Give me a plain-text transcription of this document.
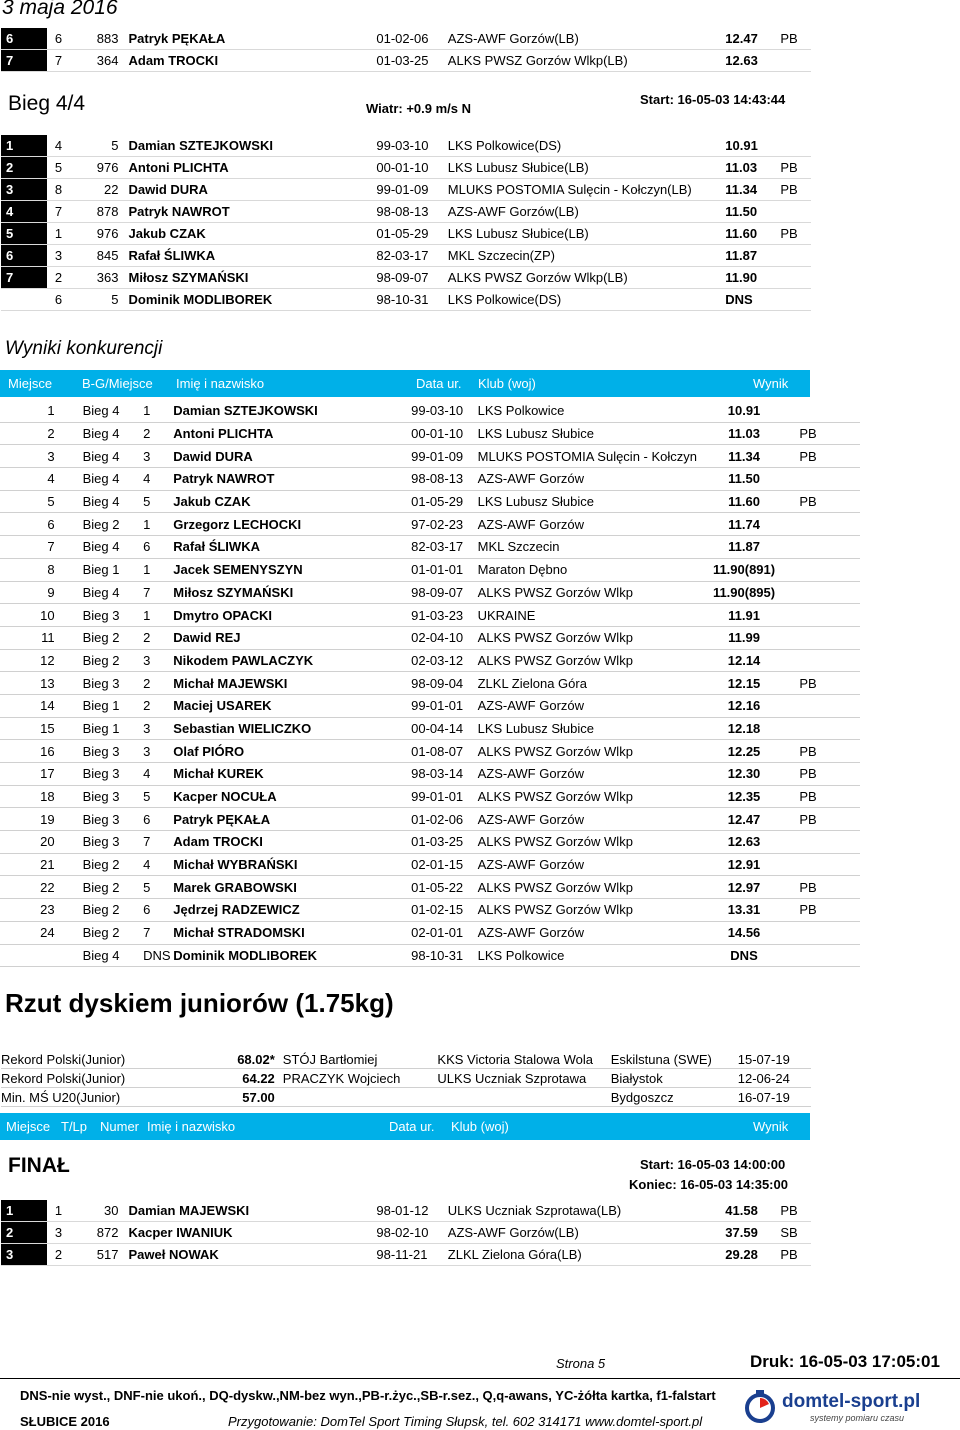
3 maja 2016
6	6	883	Patryk PĘKAŁA	01-02-06	AZS-AWF Gorzów(LB)	12.47	PB
7	7	364	Adam TROCKI	01-03-25	ALKS PWSZ Gorzów Wlkp(LB)	12.63	
Bieg 4/4	Wiatr: +0.9 m/s N
Start: 16-05-03 14:43:44
1	4	5	Damian SZTEJKOWSKI	99-03-10	LKS Polkowice(DS)	10.91	
2	5	976	Antoni PLICHTA	00-01-10	LKS Lubusz Słubice(LB)	11.03	PB
3	8	22	Dawid DURA	99-01-09	MLUKS POSTOMIA Sulęcin - Kołczyn(LB)	11.34	PB
4	7	878	Patryk NAWROT	98-08-13	AZS-AWF Gorzów(LB)	11.50	
5	1	976	Jakub CZAK	01-05-29	LKS Lubusz Słubice(LB)	11.60	PB
6	3	845	Rafał ŚLIWKA	82-03-17	MKL Szczecin(ZP)	11.87	
7	2	363	Miłosz SZYMAŃSKI	98-09-07	ALKS PWSZ Gorzów Wlkp(LB)	11.90	
	6	5	Dominik MODLIBOREK	98-10-31	LKS Polkowice(DS)	DNS	
Wyniki konkurencji
Miejsce B-G/Miejsce Imię i nazwisko	Data ur. Klub (woj)	Wynik
1	Bieg 4	1	Damian SZTEJKOWSKI	99-03-10	LKS Polkowice	10.91	
2	Bieg 4	2	Antoni PLICHTA	00-01-10	LKS Lubusz Słubice	11.03	PB
3	Bieg 4	3	Dawid DURA	99-01-09	MLUKS POSTOMIA Sulęcin - Kołczyn	11.34	PB
4	Bieg 4	4	Patryk NAWROT	98-08-13	AZS-AWF Gorzów	11.50	
5	Bieg 4	5	Jakub CZAK	01-05-29	LKS Lubusz Słubice	11.60	PB
6	Bieg 2	1	Grzegorz LECHOCKI	97-02-23	AZS-AWF Gorzów	11.74	
7	Bieg 4	6	Rafał ŚLIWKA	82-03-17	MKL Szczecin	11.87	
8	Bieg 1	1	Jacek SEMENYSZYN	01-01-01	Maraton Dębno	11.90(891)	
9	Bieg 4	7	Miłosz SZYMAŃSKI	98-09-07	ALKS PWSZ Gorzów Wlkp	11.90(895)	
10	Bieg 3	1	Dmytro OPACKI	91-03-23	UKRAINE	11.91	
11	Bieg 2	2	Dawid REJ	02-04-10	ALKS PWSZ Gorzów Wlkp	11.99	
12	Bieg 2	3	Nikodem PAWLACZYK	02-03-12	ALKS PWSZ Gorzów Wlkp	12.14	
13	Bieg 3	2	Michał MAJEWSKI	98-09-04	ZLKL Zielona Góra	12.15	PB
14	Bieg 1	2	Maciej USAREK	99-01-01	AZS-AWF Gorzów	12.16	
15	Bieg 1	3	Sebastian WIELICZKO	00-04-14	LKS Lubusz Słubice	12.18	
16	Bieg 3	3	Olaf PIÓRO	01-08-07	ALKS PWSZ Gorzów Wlkp	12.25	PB
17	Bieg 3	4	Michał KUREK	98-03-14	AZS-AWF Gorzów	12.30	PB
18	Bieg 3	5	Kacper NOCUŁA	99-01-01	ALKS PWSZ Gorzów Wlkp	12.35	PB
19	Bieg 3	6	Patryk PĘKAŁA	01-02-06	AZS-AWF Gorzów	12.47	PB
20	Bieg 3	7	Adam TROCKI	01-03-25	ALKS PWSZ Gorzów Wlkp	12.63	
21	Bieg 2	4	Michał WYBRAŃSKI	02-01-15	AZS-AWF Gorzów	12.91	
22	Bieg 2	5	Marek GRABOWSKI	01-05-22	ALKS PWSZ Gorzów Wlkp	12.97	PB
23	Bieg 2	6	Jędrzej RADZEWICZ	01-02-15	ALKS PWSZ Gorzów Wlkp	13.31	PB
24	Bieg 2	7	Michał STRADOMSKI	02-01-01	AZS-AWF Gorzów	14.56	
	Bieg 4	DNS	Dominik MODLIBOREK	98-10-31	LKS Polkowice	DNS	
Rzut dyskiem juniorów (1.75kg)
Rekord Polski(Junior)	68.02*	STÓJ Bartłomiej	KKS Victoria Stalowa Wola	Eskilstuna (SWE)	15-07-19
Rekord Polski(Junior)	64.22	PRACZYK Wojciech	ULKS Uczniak Szprotawa	Białystok	12-06-24
Min. MŚ U20(Junior)	57.00			Bydgoszcz	16-07-19
Miejsce T/Lp Numer Imię i nazwisko	Data ur. Klub (woj)	Wynik
FINAŁ	Start: 16-05-03 14:00:00
Koniec: 16-05-03 14:35:00
1	1	30	Damian MAJEWSKI	98-01-12	ULKS Uczniak Szprotawa(LB)	41.58	PB
2	3	872	Kacper IWANIUK	98-02-10	AZS-AWF Gorzów(LB)	37.59	SB
3	2	517	Paweł NOWAK	98-11-21	ZLKL Zielona Góra(LB)	29.28	PB
Strona 5	Druk: 16-05-03 17:05:01
DNS-nie wyst., DNF-nie ukoń., DQ-dyskw.,NM-bez wyn.,PB-r.życ.,SB-r.sez., Q,q-awans, YC-żółta kartka, f1-falstart
SŁUBICE 2016	Przygotowanie: DomTel Sport Timing Słupsk, tel. 602 314171 www.domtel-sport.pl
domtel-sport.pl
systemy pomiaru czasu
